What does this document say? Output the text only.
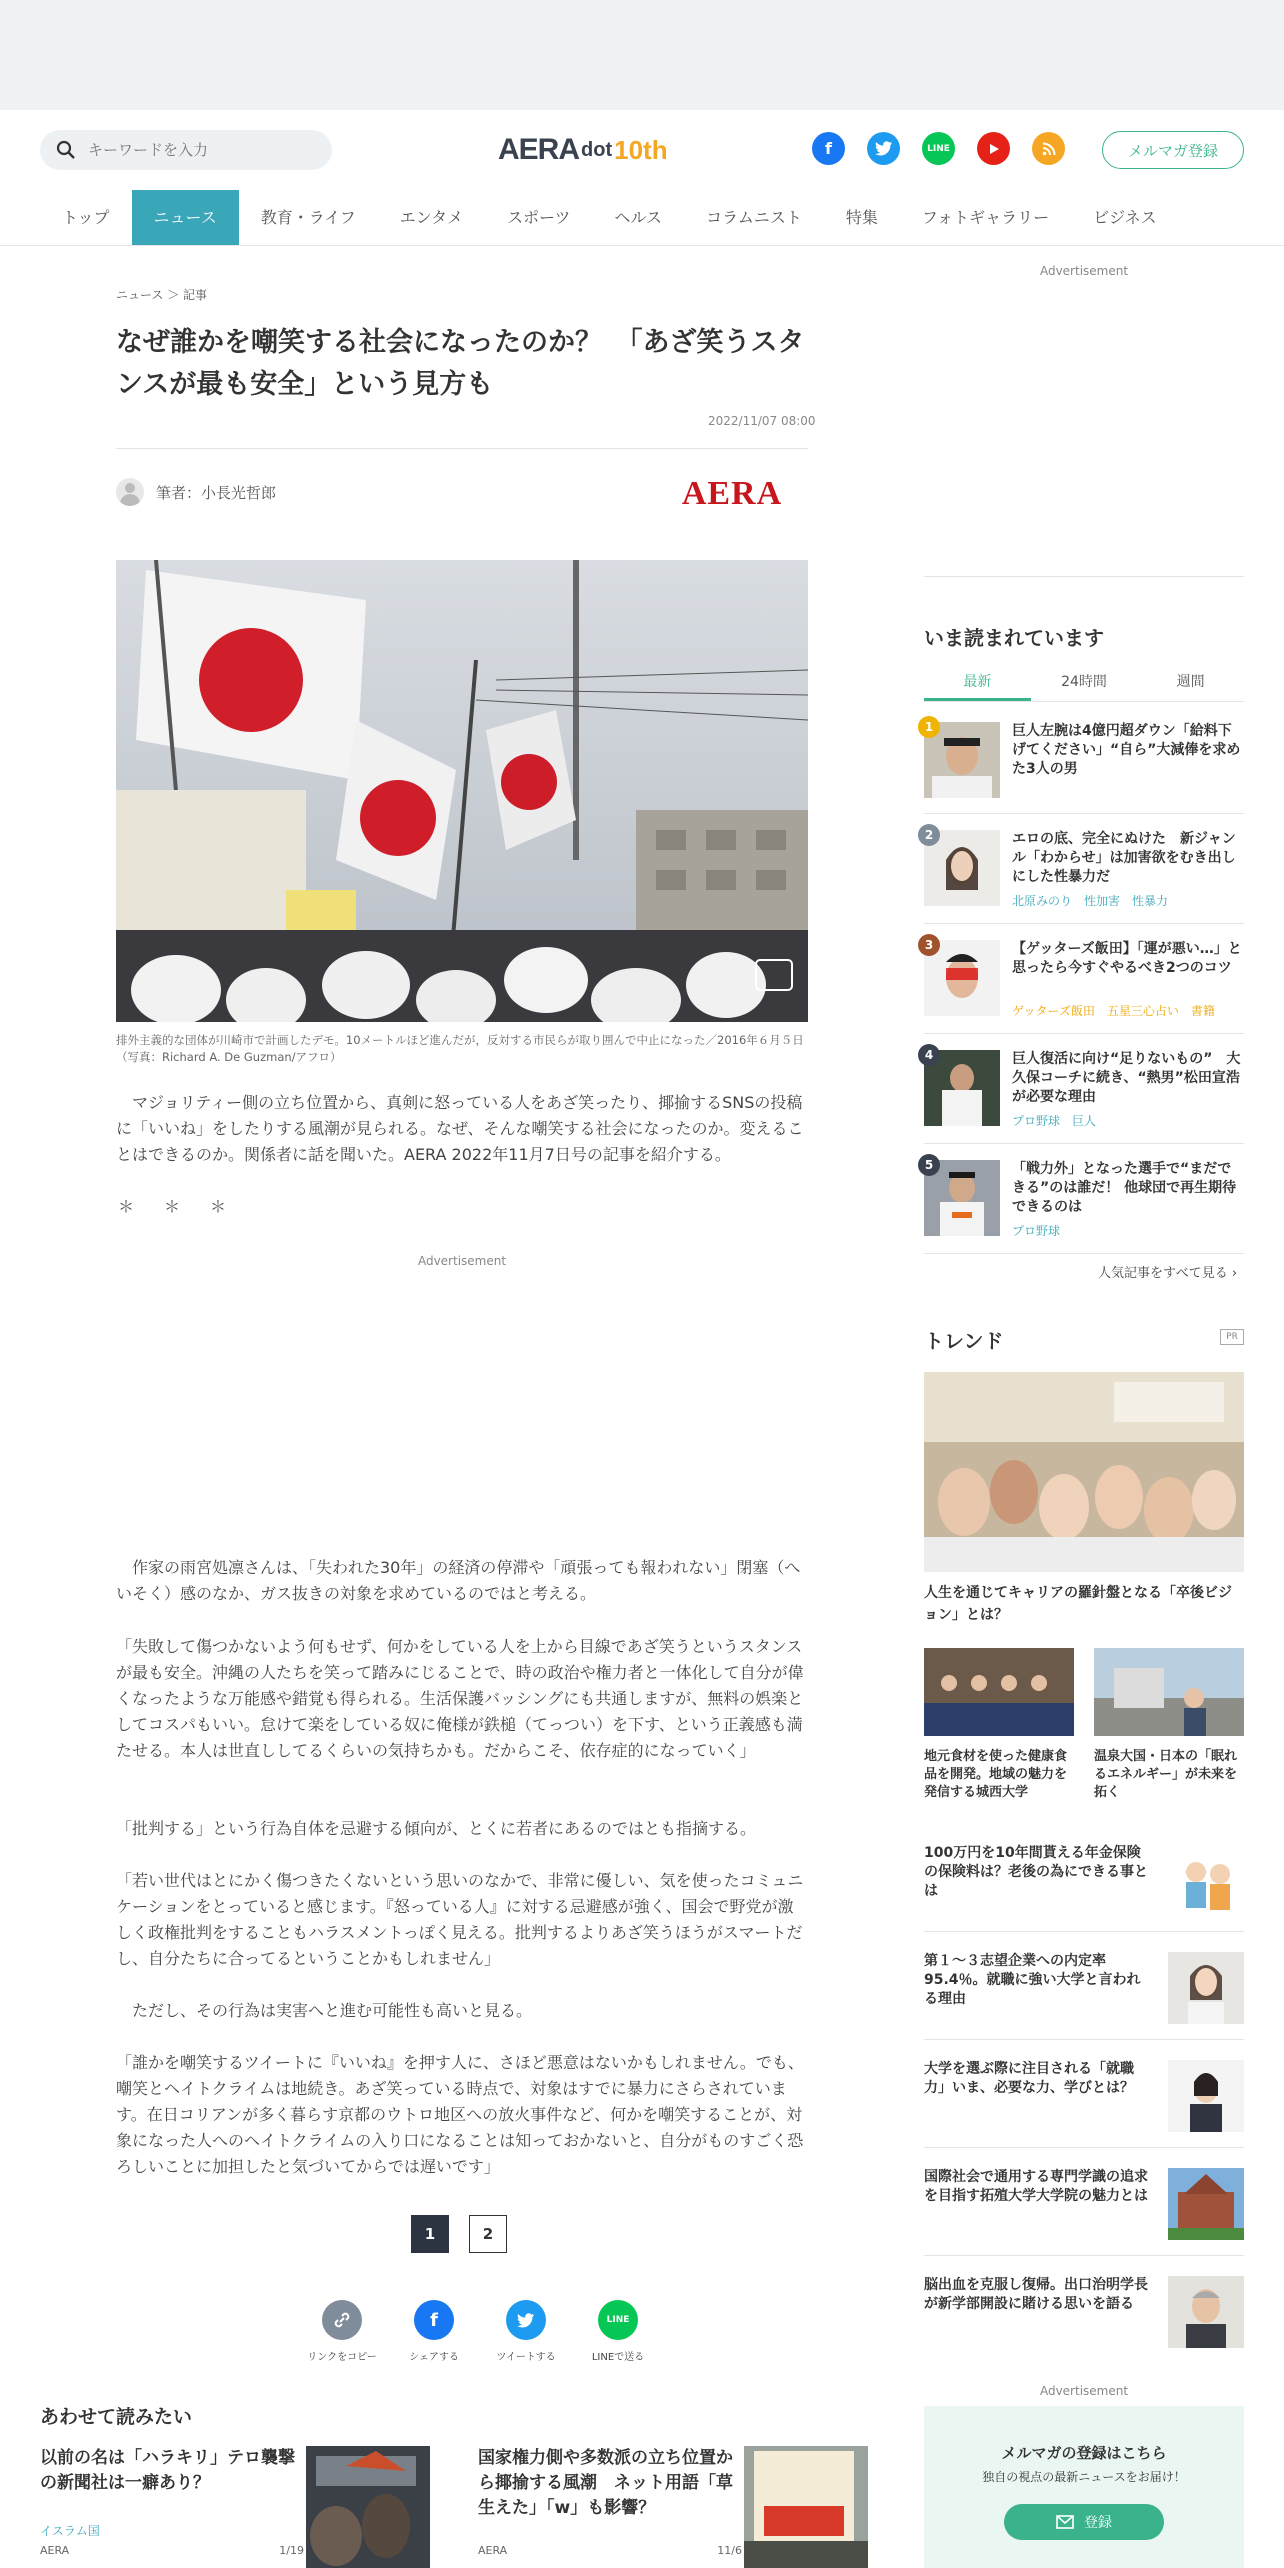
キーワードを入力
AERA dot 10th	f	LINE	メルマガ登録
トップ	ニュース	教育・ライフ	エンタメ	スポーツ	ヘルス	コラムニスト	特集	フォトギャラリー	ビジネス
ニュース ＞ 記事
なぜ誰かを嘲笑する社会になったのか？　「あざ笑うスタンスが最も安全」という見方も
2022/11/07 08:00
筆者：小長光哲郎	AERA
排外主義的な団体が川崎市で計画したデモ。10メートルほど進んだが，反対する市民らが取り囲んで中止になった／2016年６月５日（写真：Richard A. De Guzman/アフロ）

　マジョリティー側の立ち位置から、真剣に怒っている人をあざ笑ったり、揶揄するSNSの投稿に「いいね」をしたりする風潮が見られる。なぜ、そんな嘲笑する社会になったのか。変えることはできるのか。関係者に話を聞いた。AERA 2022年11月7日号の記事を紹介する。

＊＊＊
Advertisement

　作家の雨宮処凛さんは、「失われた30年」の経済の停滞や「頑張っても報われない」閉塞（へいそく）感のなか、ガス抜きの対象を求めているのではと考える。

「失敗して傷つかないよう何もせず、何かをしている人を上から目線であざ笑うというスタンスが最も安全。沖縄の人たちを笑って踏みにじることで、時の政治や権力者と一体化して自分が偉くなったような万能感や錯覚も得られる。生活保護バッシングにも共通しますが、無料の娯楽としてコスパもいい。怠けて楽をしている奴に俺様が鉄槌（てっつい）を下す、という正義感も満たせる。本人は世直ししてるくらいの気持ちかも。だからこそ、依存症的になっていく」

「批判する」という行為自体を忌避する傾向が、とくに若者にあるのではとも指摘する。

「若い世代はとにかく傷つきたくないという思いのなかで、非常に優しい、気を使ったコミュニケーションをとっていると感じます。『怒っている人』に対する忌避感が強く、国会で野党が激しく政権批判をすることもハラスメントっぽく見える。批判するよりあざ笑うほうがスマートだし、自分たちに合ってるということかもしれません」

　ただし、その行為は実害へと進む可能性も高いと見る。

「誰かを嘲笑するツイートに『いいね』を押す人に、さほど悪意はないかもしれません。でも、嘲笑とヘイトクライムは地続き。あざ笑っている時点で、対象はすでに暴力にさらされています。在日コリアンが多く暮らす京都のウトロ地区への放火事件など、何かを嘲笑することが、対象になった人へのヘイトクライムの入り口になることは知っておかないと、自分がものすごく恐ろしいことに加担したと気づいてからでは遅いです」

1	2
リンクをコピー
f
シェアする	ツイートする
LINE
LINEで送る
あわせて読みたい
以前の名は「ハラキリ」テロ襲撃の新聞社は一癖あり？
イスラム国
AERA	1/19
国家権力側や多数派の立ち位置から揶揄する風潮　ネット用語「草生えた」「w」も影響？
AERA	11/6
Advertisement
いま読まれています
最新	24時間	週間
1	巨人左腕は4億円超ダウン「給料下げてください」“自ら”大減俸を求めた3人の男
2	エロの底、完全にぬけた　新ジャンル「わからせ」は加害欲をむき出しにした性暴力だ
北原みのり　性加害　性暴力
3	【ゲッターズ飯田】「運が悪い…」と思ったら今すぐやるべき2つのコツ
ゲッターズ飯田　五星三心占い　書籍
4	巨人復活に向け“足りないもの”　大久保コーチに続き、“熱男”松田宣浩が必要な理由
プロ野球　巨人
5	「戦力外」となった選手で“まだできる”のは誰だ！ 他球団で再生期待できるのは
プロ野球
人気記事をすべて見る ›
トレンド	PR
人生を通じてキャリアの羅針盤となる「卒後ビジョン」とは？
地元食材を使った健康食品を開発。地域の魅力を発信する城西大学
温泉大国・日本の「眠れるエネルギー」が未来を拓く
100万円を10年間貰える年金保険の保険料は？老後の為にできる事とは
第１～３志望企業への内定率95.4％。就職に強い大学と言われる理由
大学を選ぶ際に注目される「就職力」いま、必要な力、学びとは？
国際社会で通用する専門学識の追求を目指す拓殖大学大学院の魅力とは
脳出血を克服し復帰。出口治明学長が新学部開設に賭ける思いを語る
Advertisement
メルマガの登録はこちら
独自の視点の最新ニュースをお届け！
登録
